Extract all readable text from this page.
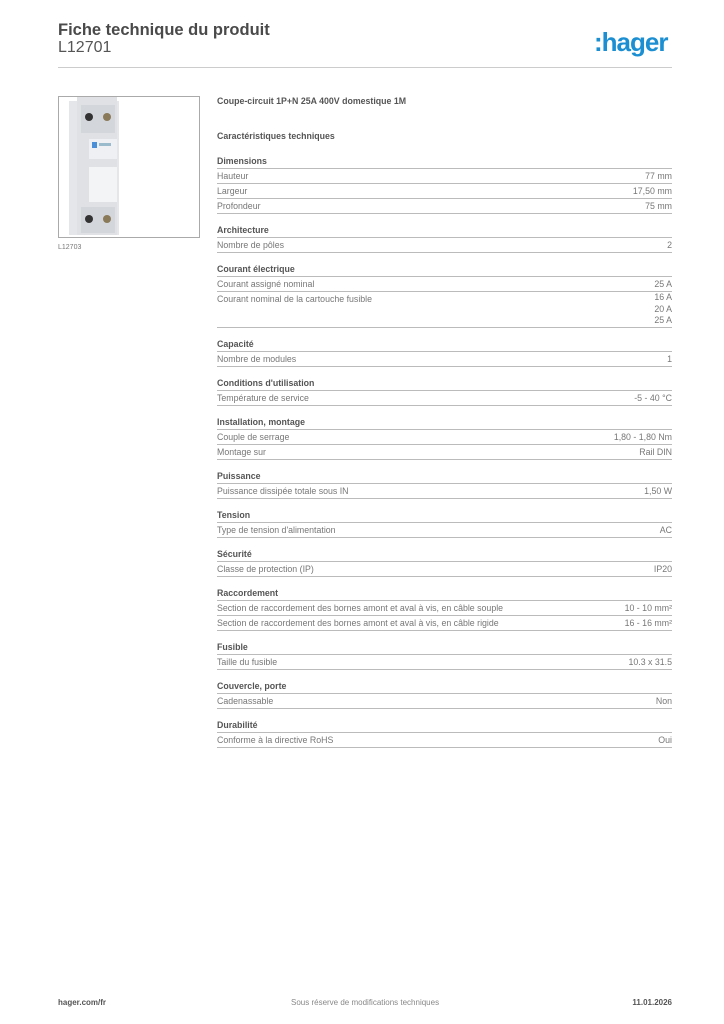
Fiche technique du produit
L12701	:hager
L12703
Coupe-circuit 1P+N 25A 400V domestique 1M
Caractéristiques techniques
Dimensions
Hauteur	77 mm
Largeur	17,50 mm
Profondeur	75 mm
Architecture
Nombre de pôles	2
Courant électrique
Courant assigné nominal	25 A
Courant nominal de la cartouche fusible	16 A
20 A
25 A
Capacité
Nombre de modules	1
Conditions d'utilisation
Température de service	-5 - 40 °C
Installation, montage
Couple de serrage	1,80 - 1,80 Nm
Montage sur	Rail DIN
Puissance
Puissance dissipée totale sous IN	1,50 W
Tension
Type de tension d'alimentation	AC
Sécurité
Classe de protection (IP)	IP20
Raccordement
Section de raccordement des bornes amont et aval à vis, en câble souple	10 - 10 mm²
Section de raccordement des bornes amont et aval à vis, en câble rigide	16 - 16 mm²
Fusible
Taille du fusible	10.3 x 31.5
Couvercle, porte
Cadenassable	Non
Durabilité
Conforme à la directive RoHS	Oui
hager.com/fr	Sous réserve de modifications techniques	11.01.2026
